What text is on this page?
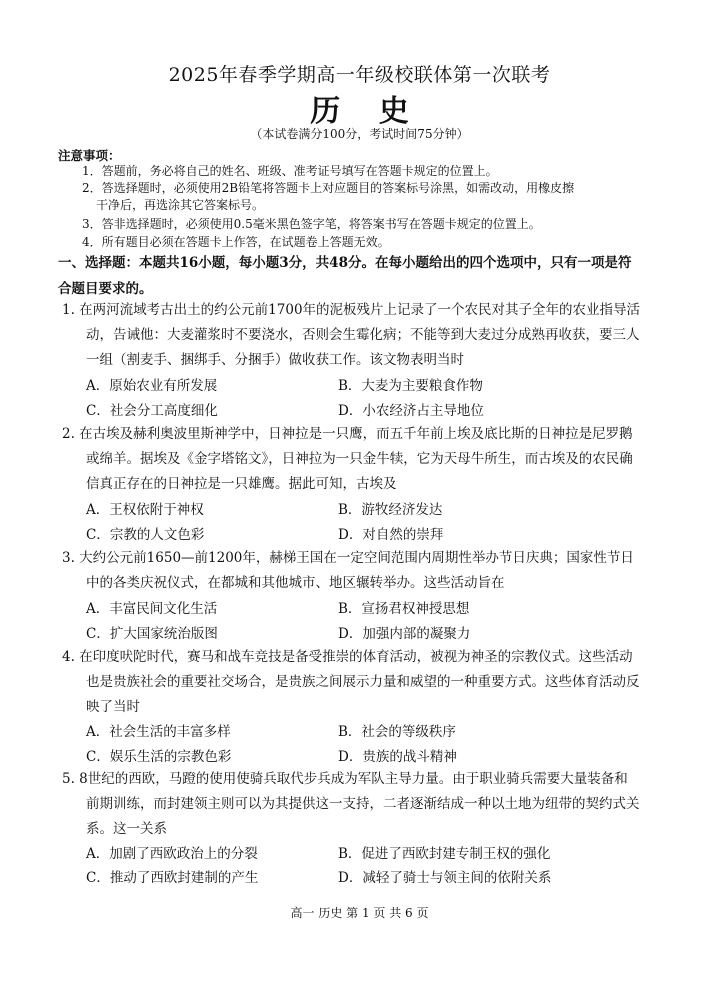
2025年春季学期高一年级校联体第一次联考
历 史
（本试卷满分100分，考试时间75分钟）
注意事项：
1．答题前，务必将自己的姓名、班级、准考证号填写在答题卡规定的位置上。
2．答选择题时，必须使用2B铅笔将答题卡上对应题目的答案标号涂黑，如需改动，用橡皮擦
干净后，再选涂其它答案标号。
3．答非选择题时，必须使用0.5毫米黑色签字笔，将答案书写在答题卡规定的位置上。
4．所有题目必须在答题卡上作答，在试题卷上答题无效。
一、选择题：本题共16小题，每小题3分，共48分。在每小题给出的四个选项中，只有一项是符
合题目要求的。
1. 在两河流域考古出土的约公元前1700年的泥板残片上记录了一个农民对其子全年的农业指导活
动，告诫他：大麦灌浆时不要浇水，否则会生霉化病；不能等到大麦过分成熟再收获，要三人
一组（割麦手、捆绑手、分捆手）做收获工作。该文物表明当时
A．原始农业有所发展	B．大麦为主要粮食作物
C．社会分工高度细化	D．小农经济占主导地位
2. 在古埃及赫利奥波里斯神学中，日神拉是一只鹰，而五千年前上埃及底比斯的日神拉是尼罗鹅
或绵羊。据埃及《金字塔铭文》，日神拉为一只金牛犊，它为天母牛所生，而古埃及的农民确
信真正存在的日神拉是一只雄鹰。据此可知，古埃及
A．王权依附于神权	B．游牧经济发达
C．宗教的人文色彩	D．对自然的崇拜
3. 大约公元前1650—前1200年，赫梯王国在一定空间范围内周期性举办节日庆典；国家性节日
中的各类庆祝仪式，在都城和其他城市、地区辗转举办。这些活动旨在
A．丰富民间文化生活	B．宣扬君权神授思想
C．扩大国家统治版图	D．加强内部的凝聚力
4. 在印度吠陀时代，赛马和战车竞技是备受推崇的体育活动，被视为神圣的宗教仪式。这些活动
也是贵族社会的重要社交场合，是贵族之间展示力量和威望的一种重要方式。这些体育活动反
映了当时
A．社会生活的丰富多样	B．社会的等级秩序
C．娱乐生活的宗教色彩	D．贵族的战斗精神
5. 8世纪的西欧，马蹬的使用使骑兵取代步兵成为军队主导力量。由于职业骑兵需要大量装备和
前期训练，而封建领主则可以为其提供这一支持，二者逐渐结成一种以土地为纽带的契约式关
系。这一关系
A．加剧了西欧政治上的分裂	B．促进了西欧封建专制王权的强化
C．推动了西欧封建制的产生	D．减轻了骑士与领主间的依附关系
高一 历史 第 1 页 共 6 页
